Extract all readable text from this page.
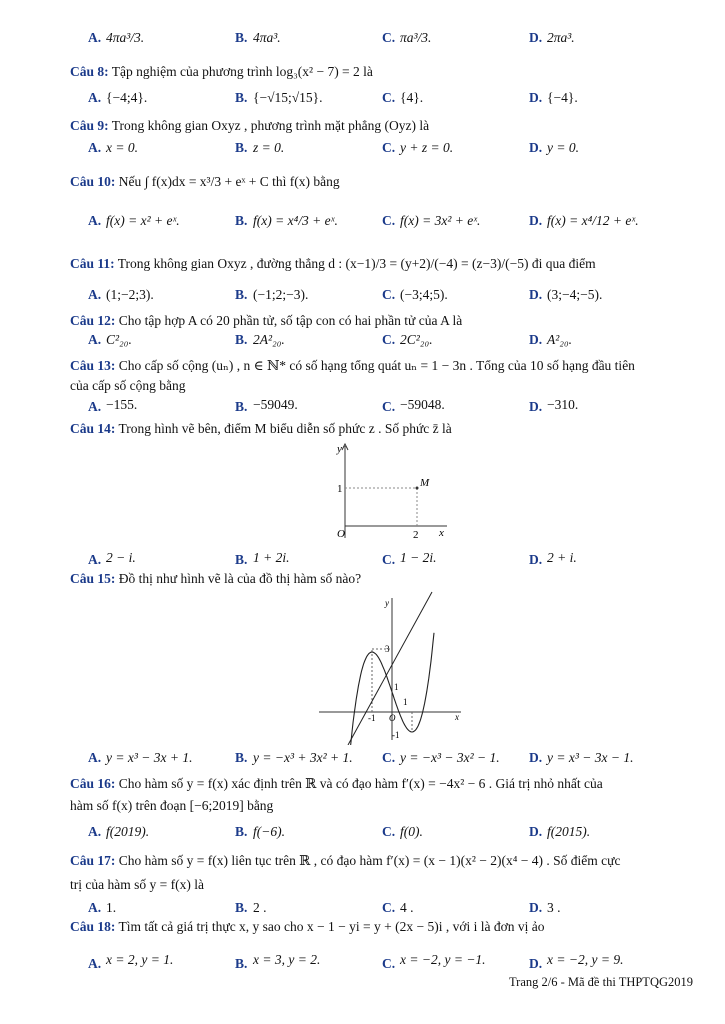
A. 4πa³/3.	B. 4πa³.	C. πa³/3.	D. 2πa³.
Câu 8: Tập nghiệm của phương trình log₃(x² − 7) = 2 là
A. {−4;4}.	B. {−√15;√15}.	C. {4}.	D. {−4}.
Câu 9: Trong không gian Oxyz , phương trình mặt phẳng (Oyz) là
A. x = 0.	B. z = 0.	C. y + z = 0.	D. y = 0.
Câu 10: Nếu ∫ f(x)dx = x³/3 + eˣ + C thì f(x) bằng
A. f(x) = x² + eˣ.	B. f(x) = x⁴/3 + eˣ.	C. f(x) = 3x² + eˣ.	D. f(x) = x⁴/12 + eˣ.
Câu 11: Trong không gian Oxyz , đường thẳng d : (x−1)/3 = (y+2)/(−4) = (z−3)/(−5) đi qua điểm
A. (1;−2;3).	B. (−1;2;−3).	C. (−3;4;5).	D. (3;−4;−5).
Câu 12: Cho tập hợp A có 20 phần tử, số tập con có hai phần tử của A là
A. C²₂₀.	B. 2A²₂₀.	C. 2C²₂₀.	D. A²₂₀.
Câu 13: Cho cấp số cộng (uₙ) , n ∈ ℕ* có số hạng tổng quát uₙ = 1 − 3n . Tổng của 10 số hạng đầu tiên
của cấp số cộng bằng
A. −155.	B. −59049.	C. −59048.	D. −310.
Câu 14: Trong hình vẽ bên, điểm M biểu diễn số phức z . Số phức z̄ là
y
x
O
1
2
M
A. 2 − i.	B. 1 + 2i.	C. 1 − 2i.	D. 2 + i.
Câu 15: Đồ thị như hình vẽ là của đồ thị hàm số nào?
y
x
O
3
1
-1
1
-1
A. y = x³ − 3x + 1.	B. y = −x³ + 3x² + 1. C. y = −x³ − 3x² − 1. D. y = x³ − 3x − 1.
Câu 16: Cho hàm số y = f(x) xác định trên ℝ và có đạo hàm f′(x) = −4x² − 6 . Giá trị nhỏ nhất của
hàm số f(x) trên đoạn [−6;2019] bằng
A. f(2019).	B. f(−6).	C. f(0).	D. f(2015).
Câu 17: Cho hàm số y = f(x) liên tục trên ℝ , có đạo hàm f′(x) = (x − 1)(x² − 2)(x⁴ − 4) . Số điểm cực
trị của hàm số y = f(x) là
A. 1.	B. 2 .	C. 4 .	D. 3 .
Câu 18: Tìm tất cả giá trị thực x, y sao cho x − 1 − yi = y + (2x − 5)i , với i là đơn vị ảo
A. x = 2, y = 1.	B. x = 3, y = 2.	C. x = −2, y = −1.	D. x = −2, y = 9.
Trang 2/6 - Mã đề thi THPTQG2019
